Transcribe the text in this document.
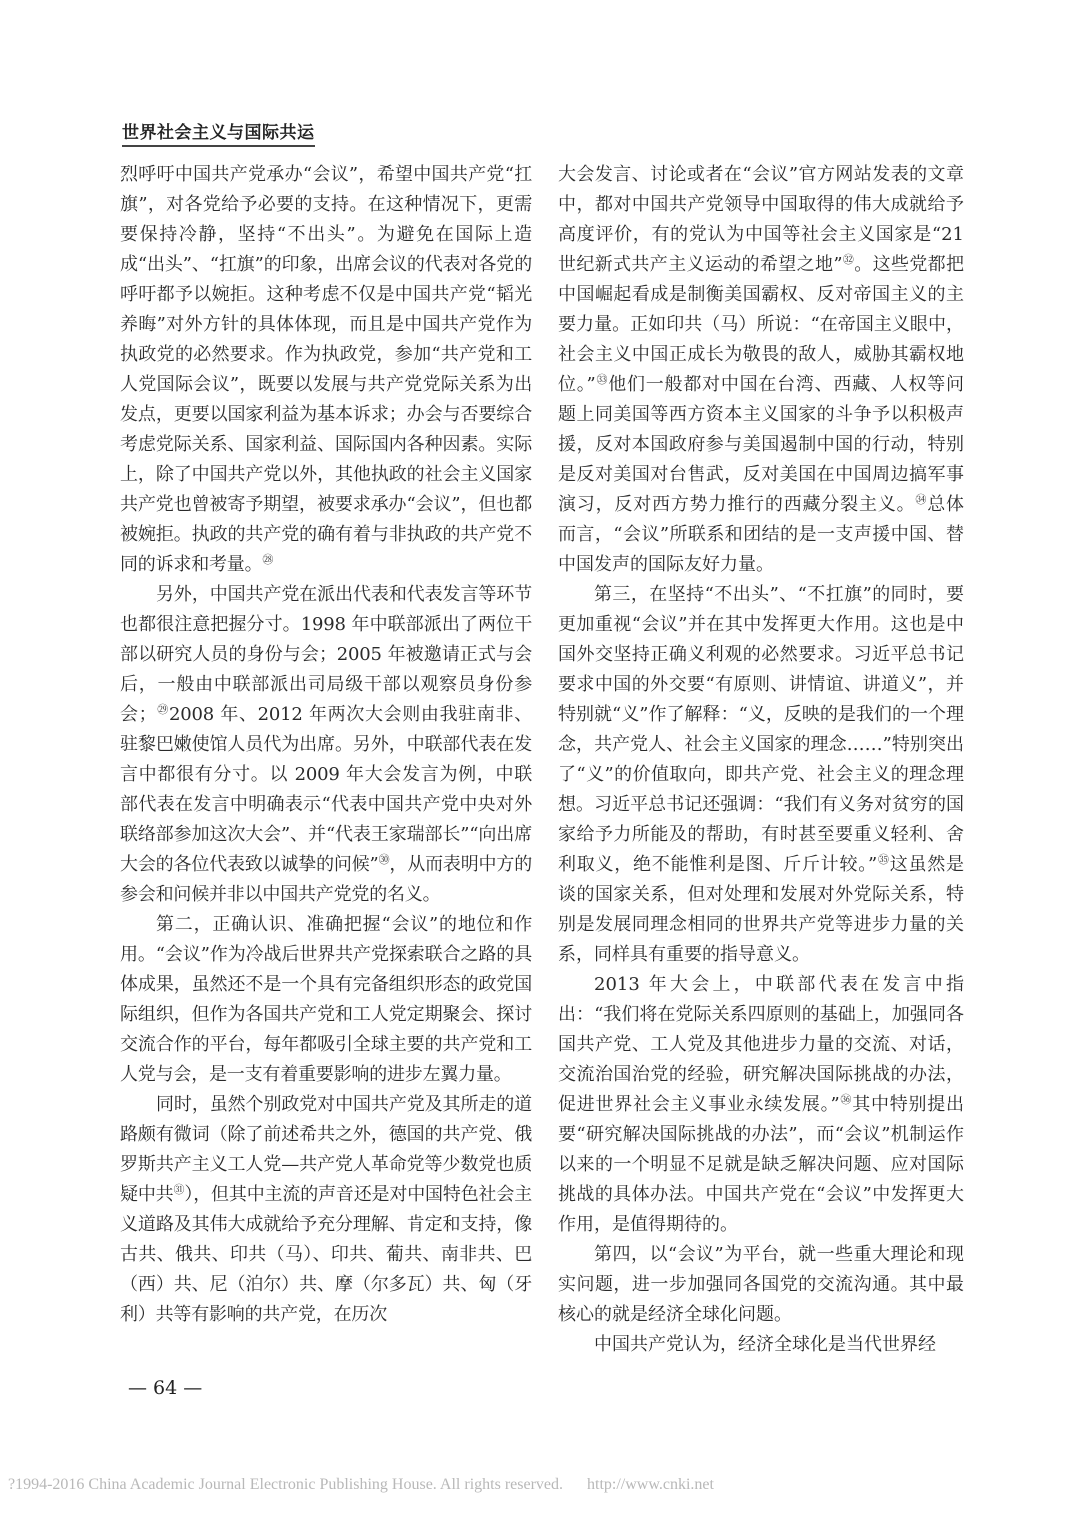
世界社会主义与国际共运

烈呼吁中国共产党承办“会议”，希望中国共产党“扛旗”，对各党给予必要的支持。在这种情况下，更需要保持冷静，坚持“不出头”。为避免在国际上造成“出头”、“扛旗”的印象，出席会议的代表对各党的呼吁都予以婉拒。这种考虑不仅是中国共产党“韬光养晦”对外方针的具体体现，而且是中国共产党作为执政党的必然要求。作为执政党，参加“共产党和工人党国际会议”，既要以发展与共产党党际关系为出发点，更要以国家利益为基本诉求；办会与否要综合考虑党际关系、国家利益、国际国内各种因素。实际上，除了中国共产党以外，其他执政的社会主义国家共产党也曾被寄予期望，被要求承办“会议”，但也都被婉拒。执政的共产党的确有着与非执政的共产党不同的诉求和考量。$^㉘$

另外，中国共产党在派出代表和代表发言等环节也都很注意把握分寸。1998 年中联部派出了两位干部以研究人员的身份与会；2005 年被邀请正式与会后，一般由中联部派出司局级干部以观察员身份参会；$^㉙$2008 年、2012 年两次大会则由我驻南非、驻黎巴嫩使馆人员代为出席。另外，中联部代表在发言中都很有分寸。以 2009 年大会发言为例，中联部代表在发言中明确表示“代表中国共产党中央对外联络部参加这次大会”、并“代表王家瑞部长”“向出席大会的各位代表致以诚挚的问候”$^㉚$，从而表明中方的参会和问候并非以中国共产党党的名义。

第二，正确认识、准确把握“会议”的地位和作用。“会议”作为冷战后世界共产党探索联合之路的具体成果，虽然还不是一个具有完备组织形态的政党国际组织，但作为各国共产党和工人党定期聚会、探讨交流合作的平台，每年都吸引全球主要的共产党和工人党与会，是一支有着重要影响的进步左翼力量。

同时，虽然个别政党对中国共产党及其所走的道路颇有微词（除了前述希共之外，德国的共产党、俄罗斯共产主义工人党—共产党人革命党等少数党也质疑中共$^㉛$），但其中主流的声音还是对中国特色社会主义道路及其伟大成就给予充分理解、肯定和支持，像古共、俄共、印共（马）、印共、葡共、南非共、巴（西）共、尼（泊尔）共、摩（尔多瓦）共、匈（牙利）共等有影响的共产党，在历次

大会发言、讨论或者在“会议”官方网站发表的文章中，都对中国共产党领导中国取得的伟大成就给予高度评价，有的党认为中国等社会主义国家是“21 世纪新式共产主义运动的希望之地”$^㉜$。这些党都把中国崛起看成是制衡美国霸权、反对帝国主义的主要力量。正如印共（马）所说：“在帝国主义眼中，社会主义中国正成长为敬畏的敌人，威胁其霸权地位。”$^㉝$他们一般都对中国在台湾、西藏、人权等问题上同美国等西方资本主义国家的斗争予以积极声援，反对本国政府参与美国遏制中国的行动，特别是反对美国对台售武，反对美国在中国周边搞军事演习，反对西方势力推行的西藏分裂主义。$^㉞$总体而言，“会议”所联系和团结的是一支声援中国、替中国发声的国际友好力量。

第三，在坚持“不出头”、“不扛旗”的同时，要更加重视“会议”并在其中发挥更大作用。这也是中国外交坚持正确义利观的必然要求。习近平总书记要求中国的外交要“有原则、讲情谊、讲道义”，并特别就“义”作了解释：“义，反映的是我们的一个理念，共产党人、社会主义国家的理念……”特别突出了“义”的价值取向，即共产党、社会主义的理念理想。习近平总书记还强调：“我们有义务对贫穷的国家给予力所能及的帮助，有时甚至要重义轻利、舍利取义，绝不能惟利是图、斤斤计较。”$^㉟$这虽然是谈的国家关系，但对处理和发展对外党际关系，特别是发展同理念相同的世界共产党等进步力量的关系，同样具有重要的指导意义。

2013 年大会上，中联部代表在发言中指出：“我们将在党际关系四原则的基础上，加强同各国共产党、工人党及其他进步力量的交流、对话，交流治国治党的经验，研究解决国际挑战的办法，促进世界社会主义事业永续发展。”$^㊱$其中特别提出要“研究解决国际挑战的办法”，而“会议”机制运作以来的一个明显不足就是缺乏解决问题、应对国际挑战的具体办法。中国共产党在“会议”中发挥更大作用，是值得期待的。

第四，以“会议”为平台，就一些重大理论和现实问题，进一步加强同各国党的交流沟通。其中最核心的就是经济全球化问题。

中国共产党认为，经济全球化是当代世界经

— 64 —
?1994-2016 China Academic Journal Electronic Publishing House. All rights reserved. http://www.cnki.net
